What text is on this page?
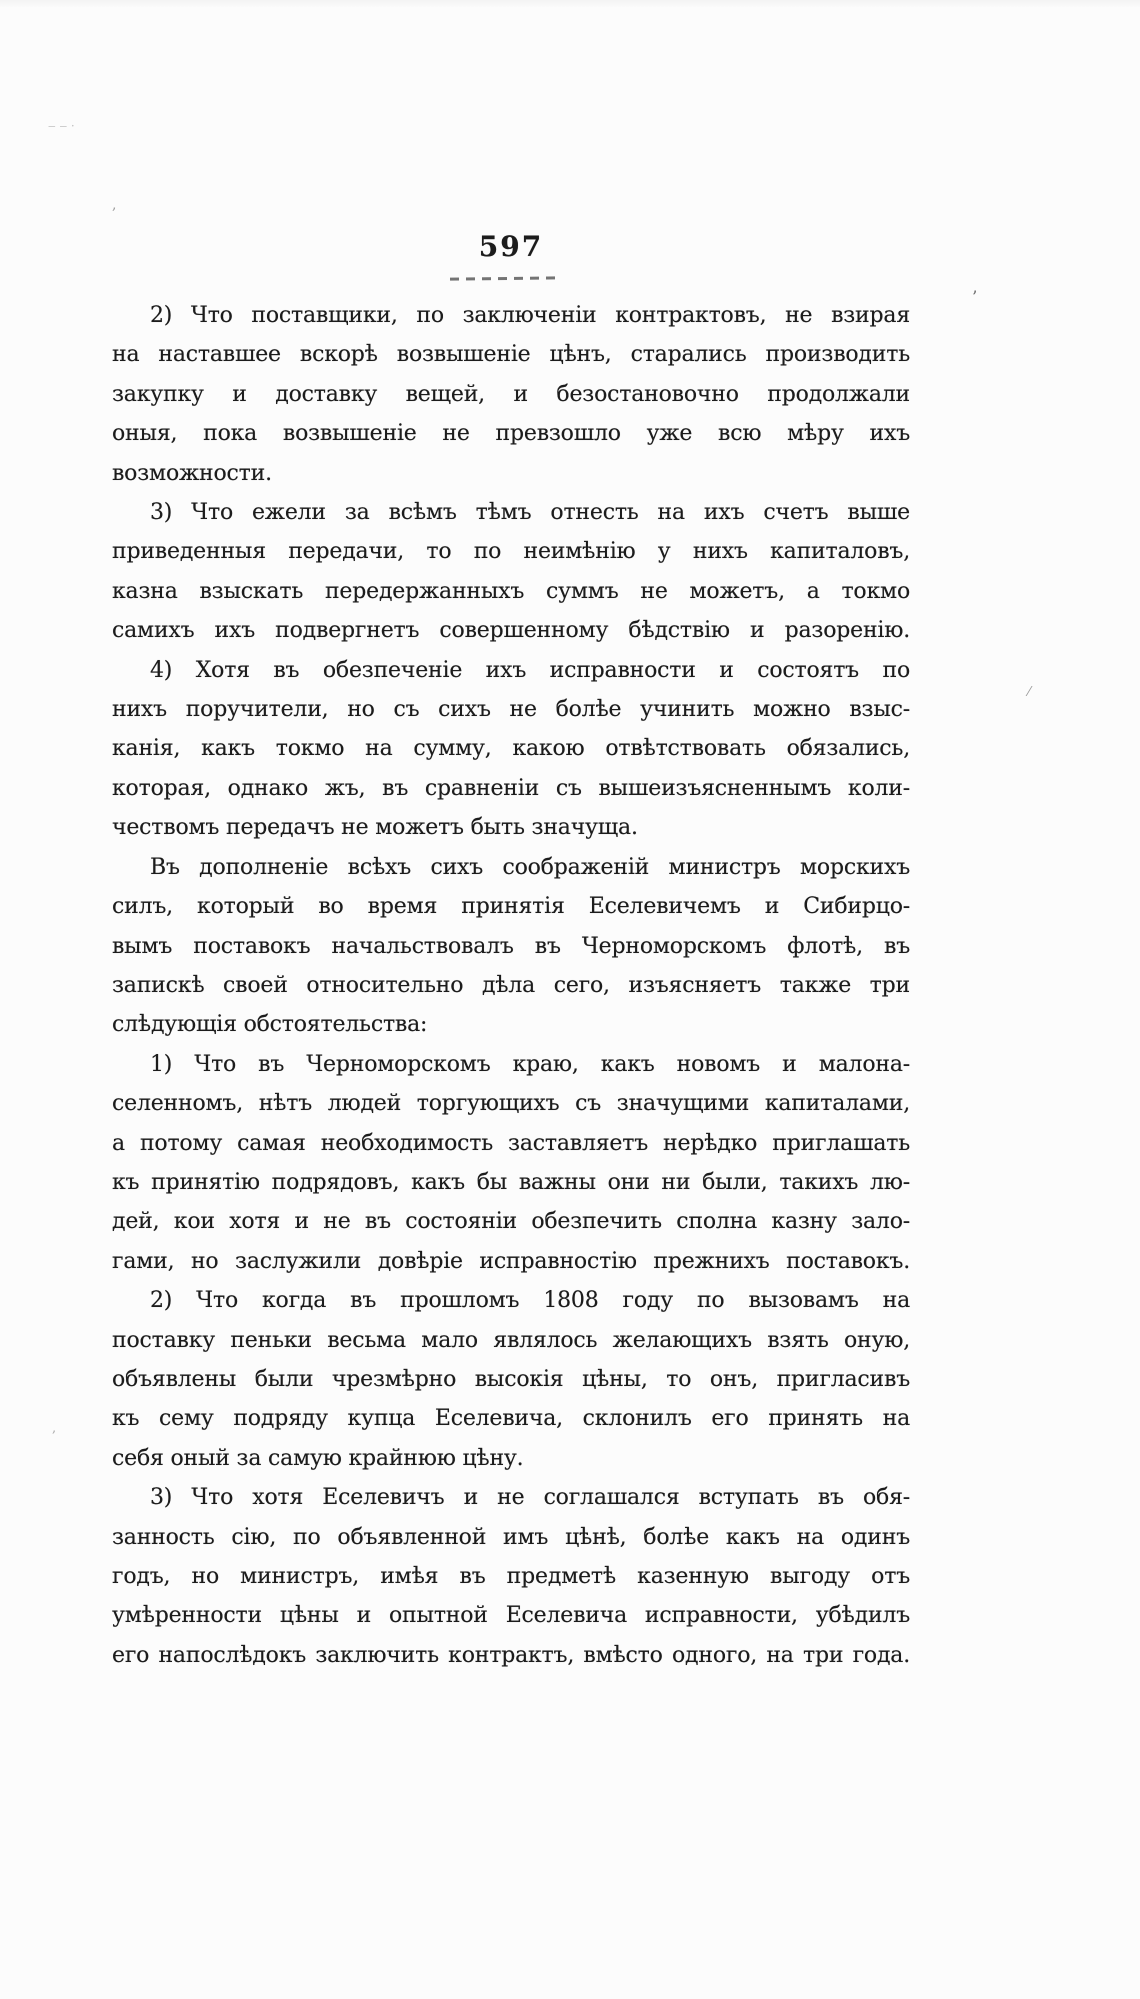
597
2) Что поставщики, по заключеніи контрактовъ, не взирая
на наставшее вскорѣ возвышеніе цѣнъ, старались производить
закупку и доставку вещей, и безостановочно продолжали
оныя, пока возвышеніе не превзошло уже всю мѣру ихъ
возможности.
3) Что ежели за всѣмъ тѣмъ отнесть на ихъ счетъ выше
приведенныя передачи, то по неимѣнію у нихъ капиталовъ,
казна взыскать передержанныхъ суммъ не можетъ, а токмо
самихъ ихъ подвергнетъ совершенному бѣдствію и разоренію.
4) Хотя въ обезпеченіе ихъ исправности и состоятъ по
нихъ поручители, но съ сихъ не болѣе учинить можно взыс-
канія, какъ токмо на сумму, какою отвѣтствовать обязались,
которая, однако жъ, въ сравненіи съ вышеизъясненнымъ коли-
чествомъ передачъ не можетъ быть значуща.
Въ дополненіе всѣхъ сихъ соображеній министръ морскихъ
силъ, который во время принятія Еселевичемъ и Сибирцо-
вымъ поставокъ начальствовалъ въ Черноморскомъ флотѣ, въ
запискѣ своей относительно дѣла сего, изъясняетъ также три
слѣдующія обстоятельства:
1) Что въ Черноморскомъ краю, какъ новомъ и малона-
селенномъ, нѣтъ людей торгующихъ съ значущими капиталами,
а потому самая необходимость заставляетъ нерѣдко приглашать
къ принятію подрядовъ, какъ бы важны они ни были, такихъ лю-
дей, кои хотя и не въ состояніи обезпечить сполна казну зало-
гами, но заслужили довѣріе исправностію прежнихъ поставокъ.
2) Что когда въ прошломъ 1808 году по вызовамъ на
поставку пеньки весьма мало являлось желающихъ взять оную,
объявлены были чрезмѣрно высокія цѣны, то онъ, пригласивъ
къ сему подряду купца Еселевича, склонилъ его принять на
себя оный за самую крайнюю цѣну.
3) Что хотя Еселевичъ и не соглашался вступать въ обя-
занность сію, по объявленной имъ цѣнѣ, болѣе какъ на одинъ
годъ, но министръ, имѣя въ предметѣ казенную выгоду отъ
умѣренности цѣны и опытной Еселевича исправности, убѣдилъ
его напослѣдокъ заключить контрактъ, вмѣсто одного, на три года.
‒ ‒ ·
,
’
⁄
,
